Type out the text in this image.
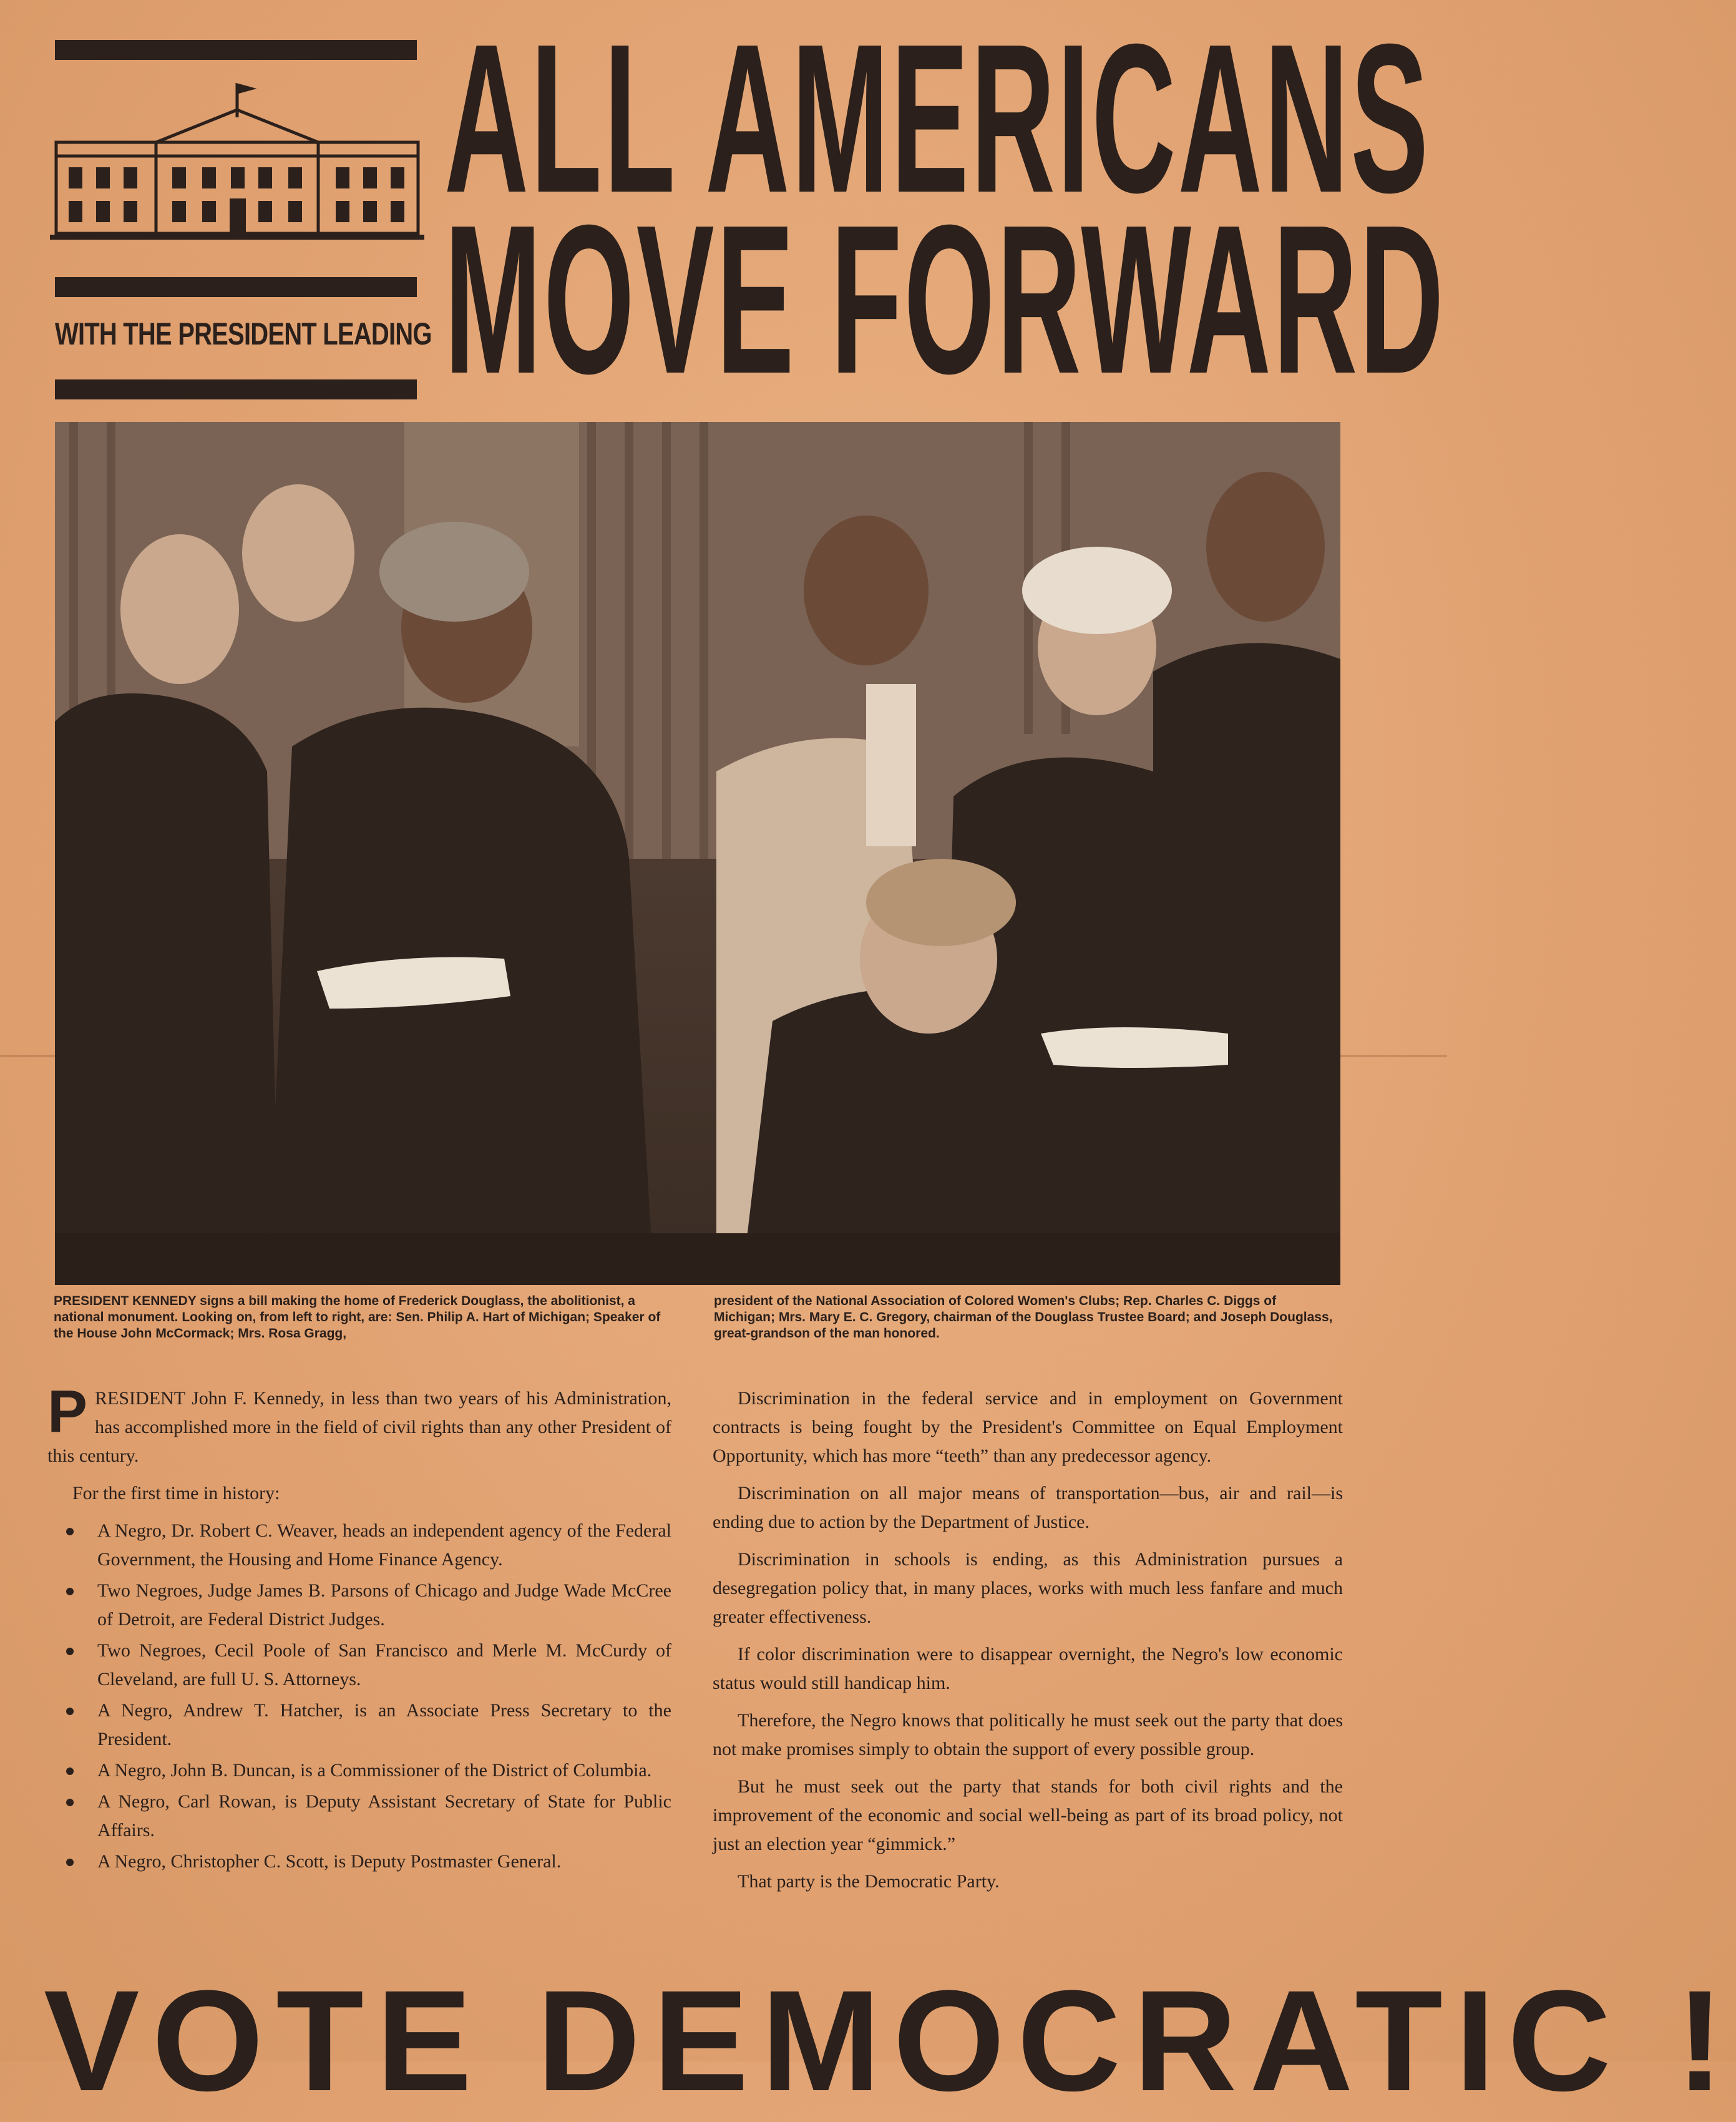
WITH THE PRESIDENT LEADING
ALL AMERICANS
MOVE FORWARD
PRESIDENT KENNEDY signs a bill making the home of Frederick Douglass, the abolitionist, a national monument. Looking on, from left to right, are: Sen. Philip A. Hart of Michigan; Speaker of the House John McCormack; Mrs. Rosa Gragg,
president of the National Association of Colored Women's Clubs; Rep. Charles C. Diggs of Michigan; Mrs. Mary E. C. Gregory, chairman of the Douglass Trustee Board; and Joseph Douglass, great-grandson of the man honored.

PRESIDENT John F. Kennedy, in less than two years of his Administration, has accomplished more in the field of civil rights than any other President of this century.

For the first time in history:

A Negro, Dr. Robert C. Weaver, heads an independent agency of the Federal Government, the Housing and Home Finance Agency.
Two Negroes, Judge James B. Parsons of Chicago and Judge Wade McCree of Detroit, are Federal District Judges.
Two Negroes, Cecil Poole of San Francisco and Merle M. McCurdy of Cleveland, are full U. S. Attorneys.
A Negro, Andrew T. Hatcher, is an Associate Press Secretary to the President.
A Negro, John B. Duncan, is a Commissioner of the District of Columbia.
A Negro, Carl Rowan, is Deputy Assistant Secretary of State for Public Affairs.
A Negro, Christopher C. Scott, is Deputy Postmaster General.

Discrimination in the federal service and in employment on Government contracts is being fought by the President's Committee on Equal Employment Opportunity, which has more “teeth” than any predecessor agency.

Discrimination on all major means of transportation—bus, air and rail—is ending due to action by the Department of Justice.

Discrimination in schools is ending, as this Administration pursues a desegregation policy that, in many places, works with much less fanfare and much greater effectiveness.

If color discrimination were to disappear overnight, the Negro's low economic status would still handicap him.

Therefore, the Negro knows that politically he must seek out the party that does not make promises simply to obtain the support of every possible group.

But he must seek out the party that stands for both civil rights and the improvement of the economic and social well-being as part of its broad policy, not just an election year “gimmick.”

That party is the Democratic Party.

VOTE DEMOCRATIC !
